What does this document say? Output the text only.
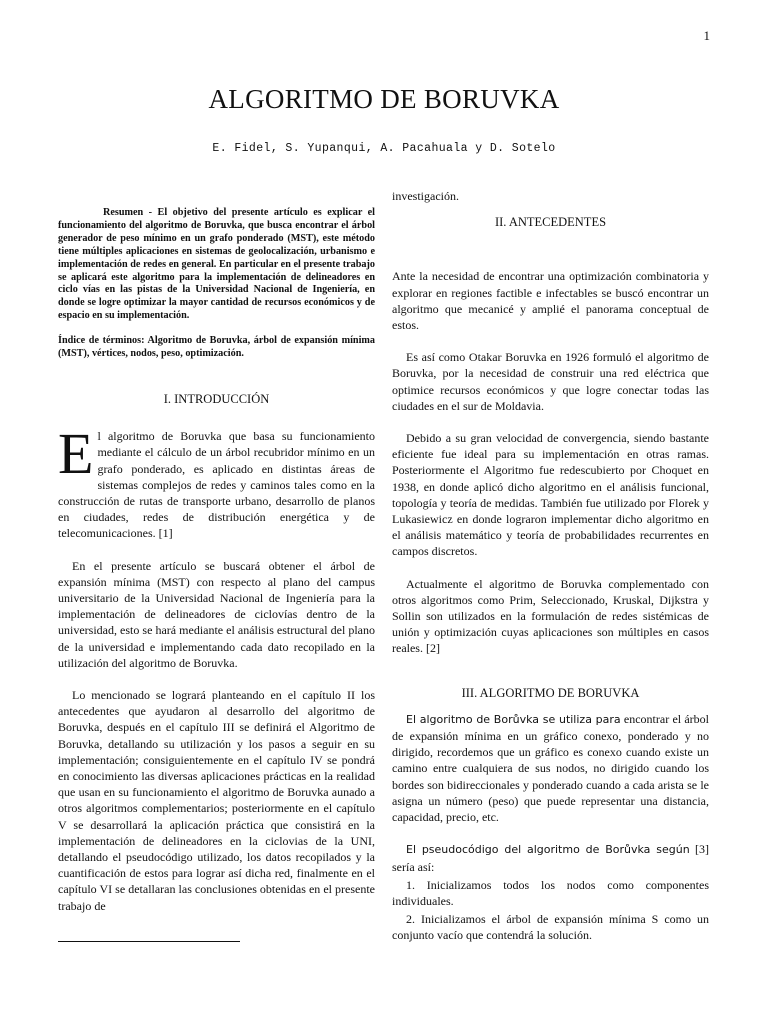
1
ALGORITMO DE BORUVKA
E. Fidel, S. Yupanqui, A. Pacahuala y D. Sotelo

Resumen - El objetivo del presente artículo es explicar el funcionamiento del algoritmo de Boruvka, que busca encontrar el árbol generador de peso mínimo en un grafo ponderado (MST), este método tiene múltiples aplicaciones en sistemas de geolocalización, urbanismo e implementación de redes en general. En particular en el presente trabajo se aplicará este algoritmo para la implementación de delineadores en ciclo vías en las pistas de la Universidad Nacional de Ingeniería, en donde se logre optimizar la mayor cantidad de recursos económicos y de espacio en su implementación.

Índice de términos: Algoritmo de Boruvka, árbol de expansión mínima (MST), vértices, nodos, peso, optimización.

I. INTRODUCCIÓN

El algoritmo de Boruvka que basa su funcionamiento mediante el cálculo de un árbol recubridor mínimo en un grafo ponderado, es aplicado en distintas áreas de sistemas complejos de redes y caminos tales como en la construcción de rutas de transporte urbano, desarrollo de planos en ciudades, redes de distribución energética y de telecomunicaciones. [1]

En el presente artículo se buscará obtener el árbol de expansión mínima (MST) con respecto al plano del campus universitario de la Universidad Nacional de Ingeniería para la implementación de delineadores de ciclovías dentro de la universidad, esto se hará mediante el análisis estructural del plano de la universidad e implementando cada dato recopilado en la utilización del algoritmo de Boruvka.

Lo mencionado se logrará planteando en el capítulo II los antecedentes que ayudaron al desarrollo del algoritmo de Boruvka, después en el capítulo III se definirá el Algoritmo de Boruvka, detallando su utilización y los pasos a seguir en su implementación; consiguientemente en el capítulo IV se pondrá en conocimiento las diversas aplicaciones prácticas en la realidad que usan en su funcionamiento el algoritmo de Boruvka aunado a otros algoritmos complementarios; posteriormente en el capítulo V se desarrollará la aplicación práctica que consistirá en la implementación de delineadores en la ciclovias de la UNI, detallando el pseudocódigo utilizado, los datos recopilados y la cuantificación de estos para lograr así dicha red, finalmente en el capítulo VI se detallaran las conclusiones obtenidas en el presente trabajo de

investigación.

II. ANTECEDENTES

Ante la necesidad de encontrar una optimización combinatoria y explorar en regiones factible e infectables se buscó encontrar un algoritmo que mecanicé y amplié el panorama conceptual de estos.

Es así como Otakar Boruvka en 1926 formuló el algoritmo de Boruvka, por la necesidad de construir una red eléctrica que optimice recursos económicos y que logre conectar todas las ciudades en el sur de Moldavia.

Debido a su gran velocidad de convergencia, siendo bastante eficiente fue ideal para su implementación en otras ramas. Posteriormente el Algoritmo fue redescubierto por Choquet en 1938, en donde aplicó dicho algoritmo en el análisis funcional, topología y teoría de medidas. También fue utilizado por Florek y Lukasiewicz en donde lograron implementar dicho algoritmo en el análisis matemático y teoría de probabilidades recurrentes en campos discretos.

Actualmente el algoritmo de Boruvka complementado con otros algoritmos como Prim, Seleccionado, Kruskal, Dijkstra y Sollin son utilizados en la formulación de redes sistémicas de unión y optimización cuyas aplicaciones son múltiples en casos reales. [2]

III. ALGORITMO DE BORUVKA

El algoritmo de Borůvka se utiliza para encontrar el árbol de expansión mínima en un gráfico conexo, ponderado y no dirigido, recordemos que un gráfico es conexo cuando existe un camino entre cualquiera de sus nodos, no dirigido cuando los bordes son bidireccionales y ponderado cuando a cada arista se le asigna un número (peso) que puede representar una distancia, capacidad, precio, etc.

El pseudocódigo del algoritmo de Borůvka según [3] sería así:

1. Inicializamos todos los nodos como componentes individuales.

2. Inicializamos el árbol de expansión mínima S como un conjunto vacío que contendrá la solución.
